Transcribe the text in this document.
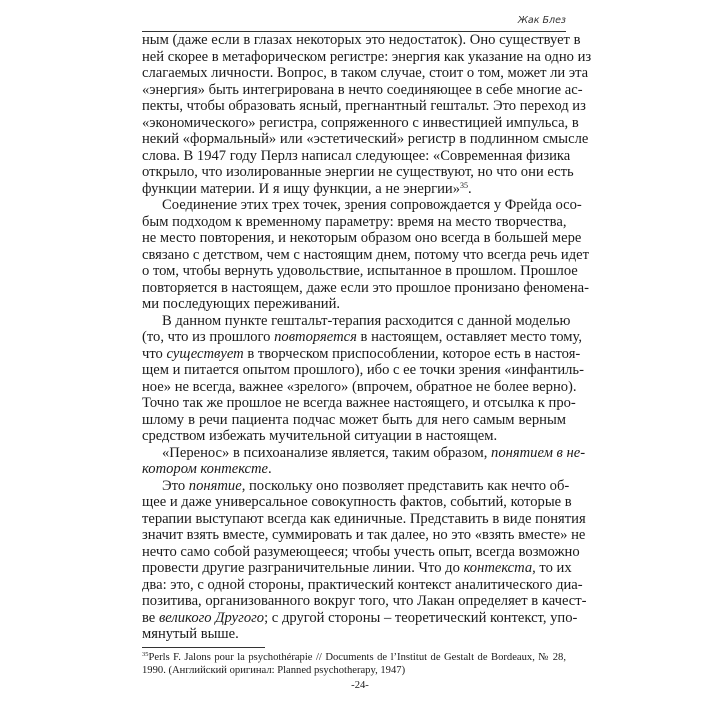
Жак Блез
ным (даже если в глазах некоторых это недостаток). Оно существует в
ней скорее в метафорическом регистре: энергия как указание на одно из
слагаемых личности. Вопрос, в таком случае, стоит о том, может ли эта
«энергия» быть интегрирована в нечто соединяющее в себе многие ас-
пекты, чтобы образовать ясный, прегнантный гештальт. Это переход из
«экономического» регистра, сопряженного с инвестицией импульса, в
некий «формальный» или «эстетический» регистр в подлинном смысле
слова. В 1947 году Перлз написал следующее: «Современная физика
открыло, что изолированные энергии не существуют, но что они есть
функции материи. И я ищу функции, а не энергии»$^{35}$.
Соединение этих трех точек, зрения сопровождается у Фрейда осо-
бым подходом к временному параметру: время на место творчества,
не место повторения, и некоторым образом оно всегда в большей мере
связано с детством, чем с настоящим днем, потому что всегда речь идет
о том, чтобы вернуть удовольствие, испытанное в прошлом. Прошлое
повторяется в настоящем, даже если это прошлое пронизано феномена-
ми последующих переживаний.
В данном пункте гештальт-терапия расходится с данной моделью
(то, что из прошлого повторяется в настоящем, оставляет место тому,
что существует в творческом приспособлении, которое есть в настоя-
щем и питается опытом прошлого), ибо с ее точки зрения «инфантиль-
ное» не всегда, важнее «зрелого» (впрочем, обратное не более верно).
Точно так же прошлое не всегда важнее настоящего, и отсылка к про-
шлому в речи пациента подчас может быть для него самым верным
средством избежать мучительной ситуации в настоящем.
«Перенос» в психоанализе является, таким образом, понятием в не-
котором контексте.
Это понятие, поскольку оно позволяет представить как нечто об-
щее и даже универсальное совокупность фактов, событий, которые в
терапии выступают всегда как единичные. Представить в виде понятия
значит взять вместе, суммировать и так далее, но это «взять вместе» не
нечто само собой разумеющееся; чтобы учесть опыт, всегда возможно
провести другие разграничительные линии. Что до контекста, то их
два: это, с одной стороны, практический контекст аналитического диа-
позитива, организованного вокруг того, что Лакан определяет в качест-
ве великого Другого; с другой стороны – теоретический контекст, упо-
мянутый выше.
$^{35}$Perls F. Jalons pour la psychothérapie // Documents de l’Institut de Gestalt de Bordeaux, № 28,
1990. (Английский оригинал: Planned psychotherapy, 1947)
-24-
